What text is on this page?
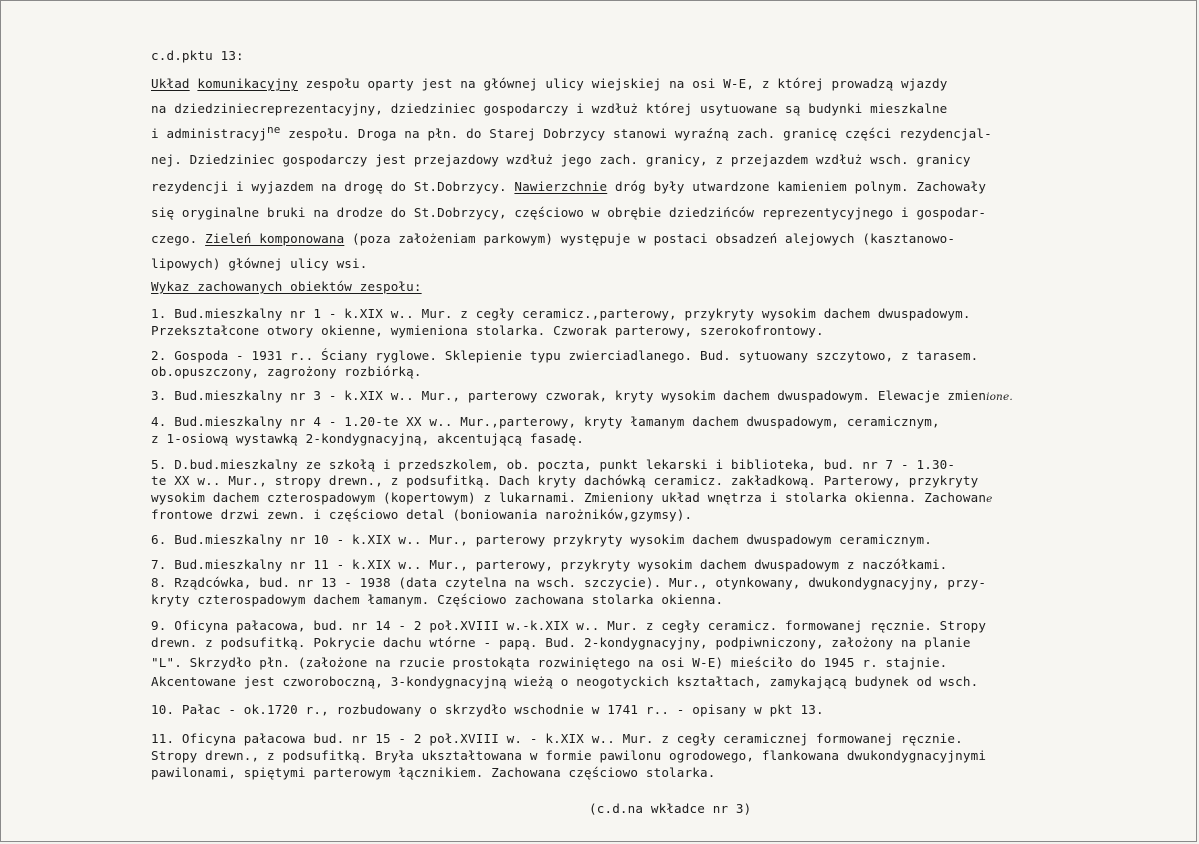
c.d.pktu 13:
Układ komunikacyjny zespołu oparty jest na głównej ulicy wiejskiej na osi W-E, z której prowadzą wjazdy
na dziedziniecreprezentacyjny, dziedziniec gospodarczy i wzdłuż której usytuowane są budynki mieszkalne
i administracyjne zespołu. Droga na płn. do Starej Dobrzycy stanowi wyraźną zach. granicę części rezydencjal-
nej. Dziedziniec gospodarczy jest przejazdowy wzdłuż jego zach. granicy, z przejazdem wzdłuż wsch. granicy
rezydencji i wyjazdem na drogę do St.Dobrzycy. Nawierzchnie dróg były utwardzone kamieniem polnym. Zachowały
się oryginalne bruki na drodze do St.Dobrzycy, częściowo w obrębie dziedzińców reprezentycyjnego i gospodar-
czego. Zieleń komponowana (poza założeniam parkowym) występuje w postaci obsadzeń alejowych (kasztanowo-
lipowych) głównej ulicy wsi.
Wykaz zachowanych obiektów zespołu:
1. Bud.mieszkalny nr 1 - k.XIX w.. Mur. z cegły ceramicz.,parterowy, przykryty wysokim dachem dwuspadowym.
Przekształcone otwory okienne, wymieniona stolarka. Czworak parterowy, szerokofrontowy.
2. Gospoda - 1931 r.. Ściany ryglowe. Sklepienie typu zwierciadlanego. Bud. sytuowany szczytowo, z tarasem.
ob.opuszczony, zagrożony rozbiórką.
3. Bud.mieszkalny nr 3 - k.XIX w.. Mur., parterowy czworak, kryty wysokim dachem dwuspadowym. Elewacje zmienione.
4. Bud.mieszkalny nr 4 - 1.20-te XX w.. Mur.,parterowy, kryty łamanym dachem dwuspadowym, ceramicznym,
z 1-osiową wystawką 2-kondygnacyjną, akcentującą fasadę.
5. D.bud.mieszkalny ze szkołą i przedszkolem, ob. poczta, punkt lekarski i biblioteka, bud. nr 7 - 1.30-
te XX w.. Mur., stropy drewn., z podsufitką. Dach kryty dachówką ceramicz. zakładkową. Parterowy, przykryty
wysokim dachem czterospadowym (kopertowym) z lukarnami. Zmieniony układ wnętrza i stolarka okienna. Zachowane
frontowe drzwi zewn. i częściowo detal (boniowania narożników,gzymsy).
6. Bud.mieszkalny nr 10 - k.XIX w.. Mur., parterowy przykryty wysokim dachem dwuspadowym ceramicznym.
7. Bud.mieszkalny nr 11 - k.XIX w.. Mur., parterowy, przykryty wysokim dachem dwuspadowym z naczółkami.
8. Rządcówka, bud. nr 13 - 1938 (data czytelna na wsch. szczycie). Mur., otynkowany, dwukondygnacyjny, przy-
kryty czterospadowym dachem łamanym. Częściowo zachowana stolarka okienna.
9. Oficyna pałacowa, bud. nr 14 - 2 poł.XVIII w.-k.XIX w.. Mur. z cegły ceramicz. formowanej ręcznie. Stropy
drewn. z podsufitką. Pokrycie dachu wtórne - papą. Bud. 2-kondygnacyjny, podpiwniczony, założony na planie
"L". Skrzydło płn. (założone na rzucie prostokąta rozwiniętego na osi W-E) mieściło do 1945 r. stajnie.
Akcentowane jest czworoboczną, 3-kondygnacyjną wieżą o neogotyckich kształtach, zamykającą budynek od wsch.
10. Pałac - ok.1720 r., rozbudowany o skrzydło wschodnie w 1741 r.. - opisany w pkt 13.
11. Oficyna pałacowa bud. nr 15 - 2 poł.XVIII w. - k.XIX w.. Mur. z cegły ceramicznej formowanej ręcznie.
Stropy drewn., z podsufitką. Bryła ukształtowana w formie pawilonu ogrodowego, flankowana dwukondygnacyjnymi
pawilonami, spiętymi parterowym łącznikiem. Zachowana częściowo stolarka.
(c.d.na wkładce nr 3)
